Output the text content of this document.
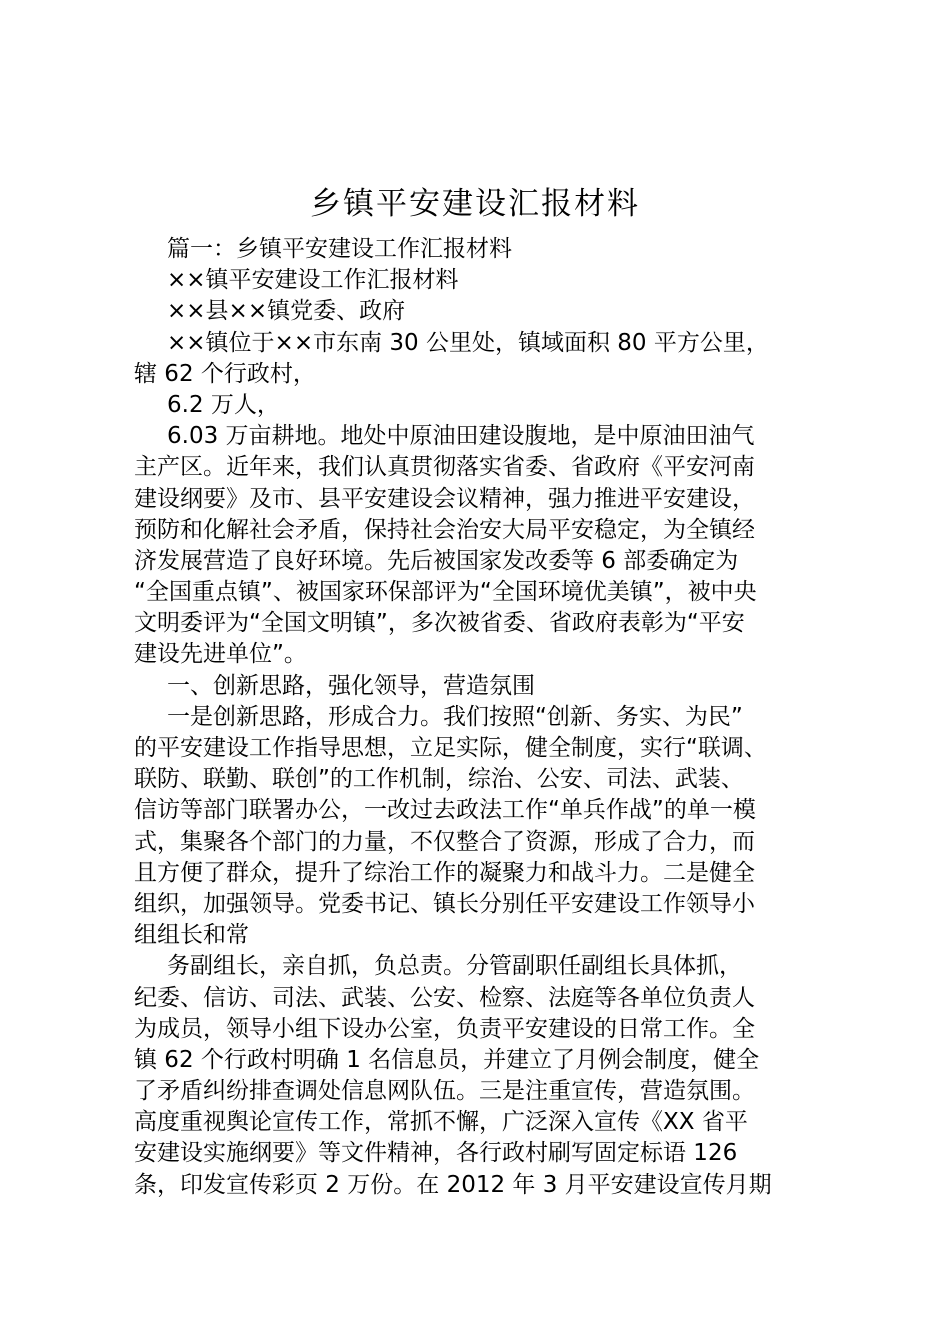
乡镇平安建设汇报材料
篇一：乡镇平安建设工作汇报材料
××镇平安建设工作汇报材料
××县××镇党委、政府
××镇位于××市东南 30 公里处，镇域面积 80 平方公里，
辖 62 个行政村，
6.2 万人，
6.03 万亩耕地。地处中原油田建设腹地，是中原油田油气
主产区。近年来，我们认真贯彻落实省委、省政府《平安河南
建设纲要》及市、县平安建设会议精神，强力推进平安建设，
预防和化解社会矛盾，保持社会治安大局平安稳定，为全镇经
济发展营造了良好环境。先后被国家发改委等 6 部委确定为
“全国重点镇”、被国家环保部评为“全国环境优美镇”，被中央
文明委评为“全国文明镇”，多次被省委、省政府表彰为“平安
建设先进单位”。
一、创新思路，强化领导，营造氛围
一是创新思路，形成合力。我们按照“创新、务实、为民”
的平安建设工作指导思想，立足实际，健全制度，实行“联调、
联防、联勤、联创”的工作机制，综治、公安、司法、武装、
信访等部门联署办公，一改过去政法工作“单兵作战”的单一模
式，集聚各个部门的力量，不仅整合了资源，形成了合力，而
且方便了群众，提升了综治工作的凝聚力和战斗力。二是健全
组织，加强领导。党委书记、镇长分别任平安建设工作领导小
组组长和常
务副组长，亲自抓，负总责。分管副职任副组长具体抓，
纪委、信访、司法、武装、公安、检察、法庭等各单位负责人
为成员，领导小组下设办公室，负责平安建设的日常工作。全
镇 62 个行政村明确 1 名信息员，并建立了月例会制度，健全
了矛盾纠纷排查调处信息网队伍。三是注重宣传，营造氛围。
高度重视舆论宣传工作，常抓不懈，广泛深入宣传《XX 省平
安建设实施纲要》等文件精神，各行政村刷写固定标语 126
条，印发宣传彩页 2 万份。在 2012 年 3 月平安建设宣传月期
